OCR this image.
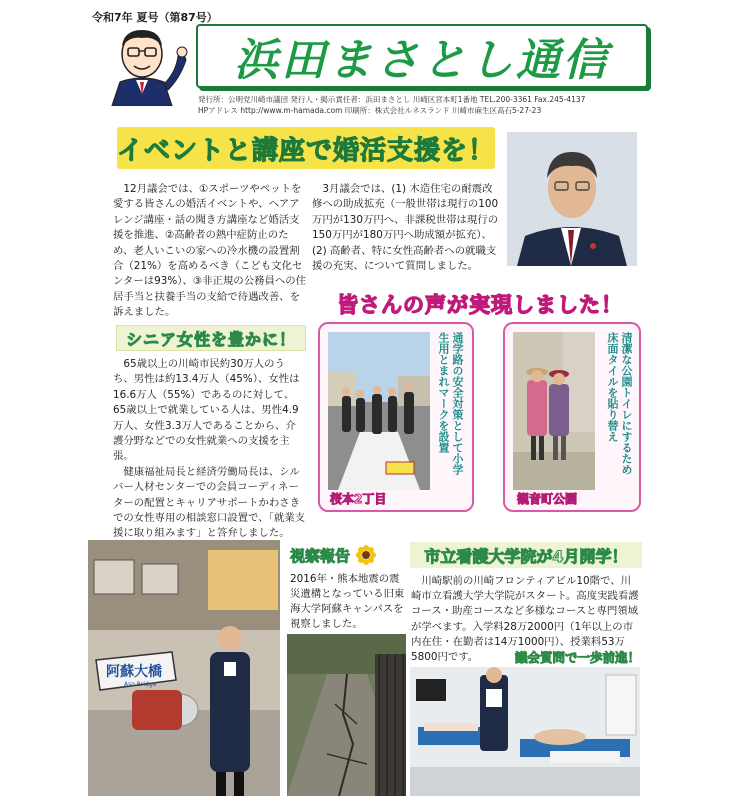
令和7年 夏号（第87号）
浜田まさとし通信
発行所：公明党川崎市議団 発行人・掲示責任者：浜田まさとし 川崎区宮本町1番地 TEL.200-3361 Fax.245-4137
HPアドレス http://www.m-hamada.com 印刷所：株式会社ルネスランド 川崎市麻生区高石5-27-23
イベントと講座で婚活支援を！
12月議会では、①スポーツやペットを愛する皆さんの婚活イベントや、ヘアアレンジ講座・話の聞き方講座など婚活支援を推進、②高齢者の熱中症防止のため、老人いこいの家への冷水機の設置割合（21%）を高めるべき（こども文化センターは93%）、③非正規の公務員への住居手当と扶養手当の支給で待遇改善、を訴えました。
3月議会では、(1) 木造住宅の耐震改修への助成拡充（一般世帯は現行の100万円が130万円へ、非課税世帯は現行の150万円が180万円へ助成額が拡充）、(2) 高齢者、特に女性高齢者への就職支援の充実、について質問しました。
皆さんの声が実現しました！
通学路の安全対策として小学生用とまれマークを設置
桜本2丁目
清潔な公園トイレにするため床面タイルを貼り替え
観音町公園
シニア女性を豊かに！

65歳以上の川崎市民約30万人のうち、男性は約13.4万人（45%）、女性は16.6万人（55%）であるのに対して、65歳以上で就業している人は、男性4.9万人、女性3.3万人であることから、介護分野などでの女性就業への支援を主張。

健康福祉局長と経済労働局長は、シルバー人材センターでの会員コーディネーターの配置とキャリアサポートかわさきでの女性専用の相談窓口設置で、「就業支援に取り組みます」と答弁しました。

阿蘇大橋
Aso Bridge
視察報告
2016年・熊本地震の震災遺構となっている旧東海大学阿蘇キャンパスを視察しました。
市立看護大学院が4月開学！
川崎駅前の川崎フロンティアビル10階で、川崎市立看護大学大学院がスタート。高度実践看護コース・助産コースなど多様なコースと専門領域が学べます。入学料28万2000円（1年以上の市内在住・在勤者は14万1000円）、授業料53万5800円です。	議会質問で一歩前進！
